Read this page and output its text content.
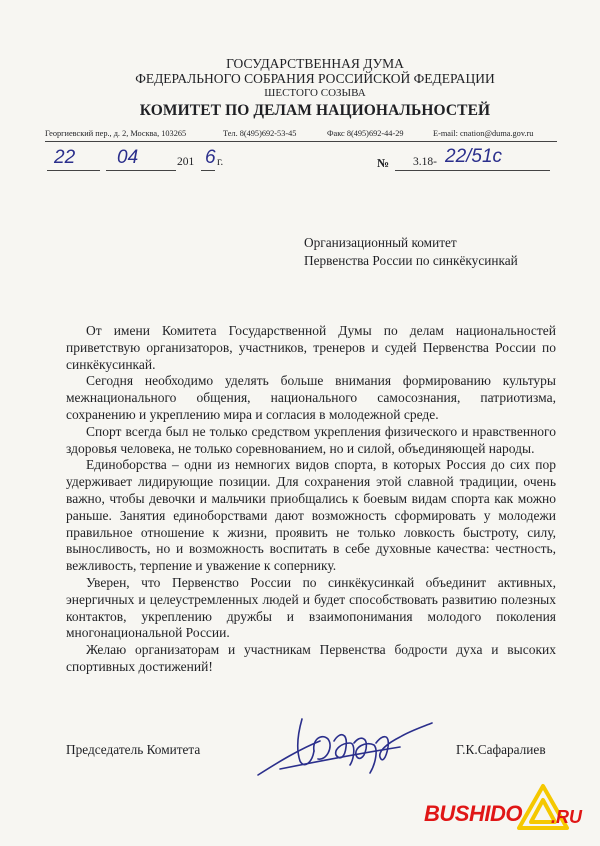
ГОСУДАРСТВЕННАЯ ДУМА
ФЕДЕРАЛЬНОГО СОБРАНИЯ РОССИЙСКОЙ ФЕДЕРАЦИИ
ШЕСТОГО СОЗЫВА
КОМИТЕТ ПО ДЕЛАМ НАЦИОНАЛЬНОСТЕЙ
Георгиевский пер., д. 2, Москва, 103265	Тел. 8(495)692-53-45	Факс 8(495)692-44-29	E-mail: cnation@duma.gov.ru
22 04	201 6 г.	№ 3.18- 22/51с
Организационный комитет
Первенства России по синкёкусинкай

От имени Комитета Государственной Думы по делам национальностей приветствую организаторов, участников, тренеров и судей Первенства России по синкёкусинкай.

Сегодня необходимо уделять больше внимания формированию культуры межнационального общения, национального самосознания, патриотизма, сохранению и укреплению мира и согласия в молодежной среде.

Спорт всегда был не только средством укрепления физического и нравственного здоровья человека, не только соревнованием, но и силой, объединяющей народы.

Единоборства – одни из немногих видов спорта, в которых Россия до сих пор удерживает лидирующие позиции. Для сохранения этой славной традиции, очень важно, чтобы девочки и мальчики приобщались к боевым видам спорта как можно раньше. Занятия единоборствами дают возможность сформировать у молодежи правильное отношение к жизни, проявить не только ловкость быстроту, силу, выносливость, но и возможность воспитать в себе духовные качества: честность, вежливость, терпение и уважение к сопернику.

Уверен, что Первенство России по синкёкусинкай объединит активных, энергичных и целеустремленных людей и будет способствовать развитию полезных контактов, укреплению дружбы и взаимопонимания молодого поколения многонациональной России.

Желаю организаторам и участникам Первенства бодрости духа и высоких спортивных достижений!

Председатель Комитета	Г.К.Сафаралиев
BUSHIDO .RU
